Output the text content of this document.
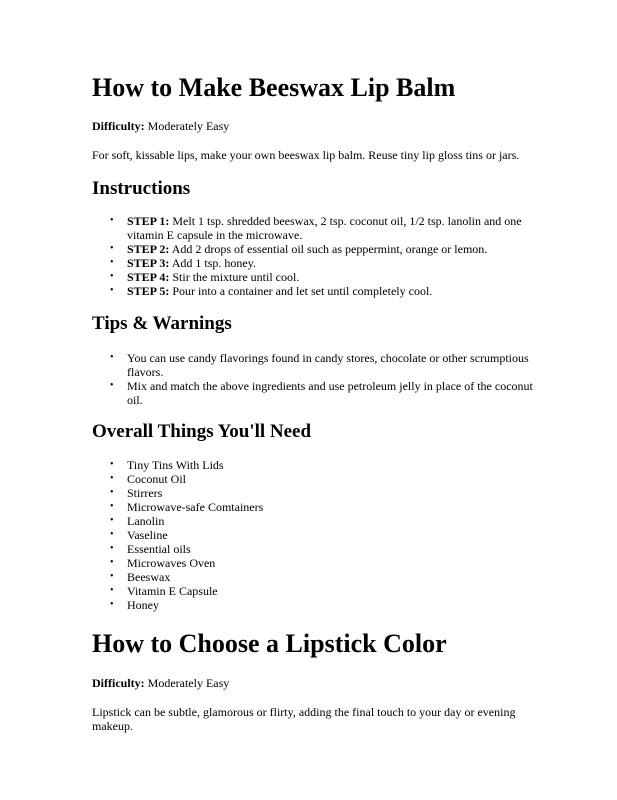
How to Make Beeswax Lip Balm

Difficulty: Moderately Easy

For soft, kissable lips, make your own beeswax lip balm. Reuse tiny lip gloss tins or jars.

Instructions
• STEP 1: Melt 1 tsp. shredded beeswax, 2 tsp. coconut oil, 1/2 tsp. lanolin and one vitamin E capsule in the microwave.
• STEP 2: Add 2 drops of essential oil such as peppermint, orange or lemon.
• STEP 3: Add 1 tsp. honey.
• STEP 4: Stir the mixture until cool.
• STEP 5: Pour into a container and let set until completely cool.
Tips & Warnings
• You can use candy flavorings found in candy stores, chocolate or other scrumptious flavors.
• Mix and match the above ingredients and use petroleum jelly in place of the coconut oil.
Overall Things You'll Need
• Tiny Tins With Lids
• Coconut Oil
• Stirrers
• Microwave-safe Comtainers
• Lanolin
• Vaseline
• Essential oils
• Microwaves Oven
• Beeswax
• Vitamin E Capsule
• Honey
How to Choose a Lipstick Color

Difficulty: Moderately Easy

Lipstick can be subtle, glamorous or flirty, adding the final touch to your day or evening makeup.
